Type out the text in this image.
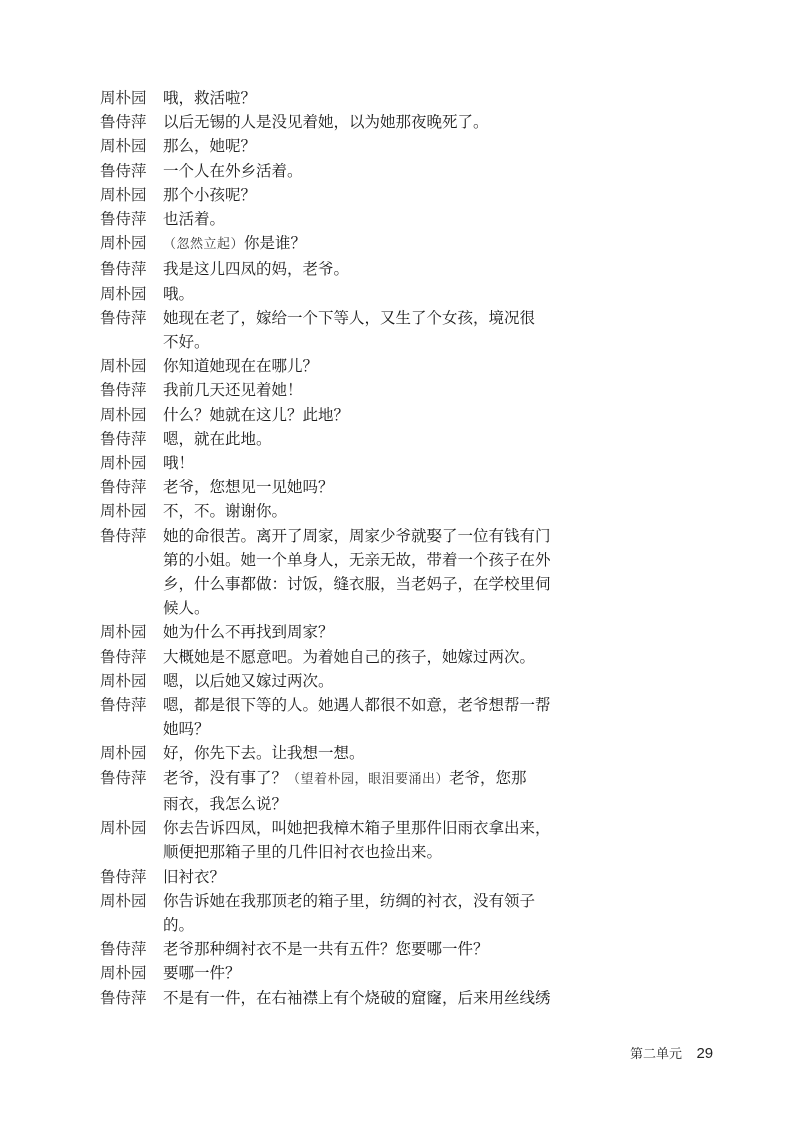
周朴园	哦，救活啦？
鲁侍萍	以后无锡的人是没见着她，以为她那夜晚死了。
周朴园	那么，她呢？
鲁侍萍	一个人在外乡活着。
周朴园	那个小孩呢？
鲁侍萍	也活着。
周朴园	（忽然立起）你是谁？
鲁侍萍	我是这儿四凤的妈，老爷。
周朴园	哦。
鲁侍萍	她现在老了，嫁给一个下等人，又生了个女孩，境况很
不好。
周朴园	你知道她现在在哪儿？
鲁侍萍	我前几天还见着她！
周朴园	什么？她就在这儿？此地？
鲁侍萍	嗯，就在此地。
周朴园	哦！
鲁侍萍	老爷，您想见一见她吗？
周朴园	不，不。谢谢你。
鲁侍萍	她的命很苦。离开了周家，周家少爷就娶了一位有钱有门
第的小姐。她一个单身人，无亲无故，带着一个孩子在外
乡，什么事都做：讨饭，缝衣服，当老妈子，在学校里伺
候人。
周朴园	她为什么不再找到周家？
鲁侍萍	大概她是不愿意吧。为着她自己的孩子，她嫁过两次。
周朴园	嗯，以后她又嫁过两次。
鲁侍萍	嗯，都是很下等的人。她遇人都很不如意，老爷想帮一帮
她吗？
周朴园	好，你先下去。让我想一想。
鲁侍萍	老爷，没有事了？（望着朴园，眼泪要涌出）老爷，您那
雨衣，我怎么说？
周朴园	你去告诉四凤，叫她把我樟木箱子里那件旧雨衣拿出来，
顺便把那箱子里的几件旧衬衣也捡出来。
鲁侍萍	旧衬衣？
周朴园	你告诉她在我那顶老的箱子里，纺绸的衬衣，没有领子的。
鲁侍萍	老爷那种绸衬衣不是一共有五件？您要哪一件？
周朴园	要哪一件？
鲁侍萍	不是有一件，在右袖襟上有个烧破的窟窿，后来用丝线绣
第二单元 29
